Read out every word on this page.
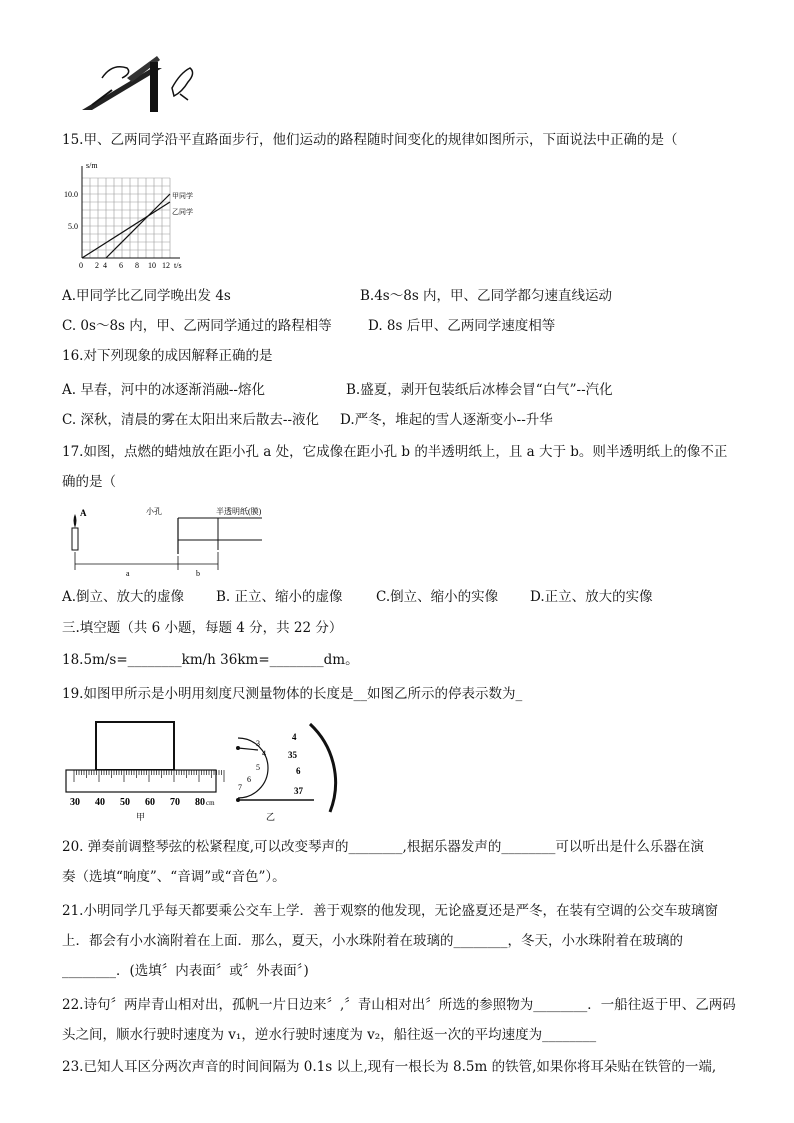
15.甲、乙两同学沿平直路面步行，他们运动的路程随时间变化的规律如图所示，下面说法中正确的是（
s/m
10.0
5.0
0 2 4 6 8 10 12 t/s
甲同学
乙同学
A.甲同学比乙同学晚出发 4s	B.4s～8s 内，甲、乙同学都匀速直线运动
C. 0s～8s 内，甲、乙两同学通过的路程相等	D. 8s 后甲、乙两同学速度相等
16.对下列现象的成因解释正确的是
A. 早春，河中的冰逐渐消融--熔化	B.盛夏，剥开包装纸后冰棒会冒“白气”--汽化
C. 深秋，清晨的雾在太阳出来后散去--液化 D.严冬，堆起的雪人逐渐变小--升华
17.如图，点燃的蜡烛放在距小孔 a 处，它成像在距小孔 b 的半透明纸上，且 a 大于 b。则半透明纸上的像不正
确的是（
A	小孔	半透明纸(膜)
a	b
A.倒立、放大的虚像 B. 正立、缩小的虚像 C.倒立、缩小的实像 D.正立、放大的实像
三.填空题（共 6 小题，每题 4 分，共 22 分）
18.5m/s=________km/h 36km=________dm。
19.如图甲所示是小明用刻度尺测量物体的长度是__如图乙所示的停表示数为_
30 40 50 60 70 80 cm
甲
3
4
5
6
7
4
35
6
37
乙
20. 弹奏前调整琴弦的松紧程度,可以改变琴声的________,根据乐器发声的________可以听出是什么乐器在演
奏（选填“响度”、“音调”或“音色”）。
21.小明同学几乎每天都要乘公交车上学．善于观察的他发现，无论盛夏还是严冬，在装有空调的公交车玻璃窗
上．都会有小水滴附着在上面．那么，夏天，小水珠附着在玻璃的________，冬天，小水珠附着在玻璃的
________．(选填〞内表面〞或〞外表面〞)
22.诗句〞两岸青山相对出，孤帆一片日边来〞,〞青山相对出〞所选的参照物为________．一船往返于甲、乙两码
头之间，顺水行驶时速度为 v₁，逆水行驶时速度为 v₂，船往返一次的平均速度为________
23.已知人耳区分两次声音的时间间隔为 0.1s 以上,现有一根长为 8.5m 的铁管,如果你将耳朵贴在铁管的一端,
